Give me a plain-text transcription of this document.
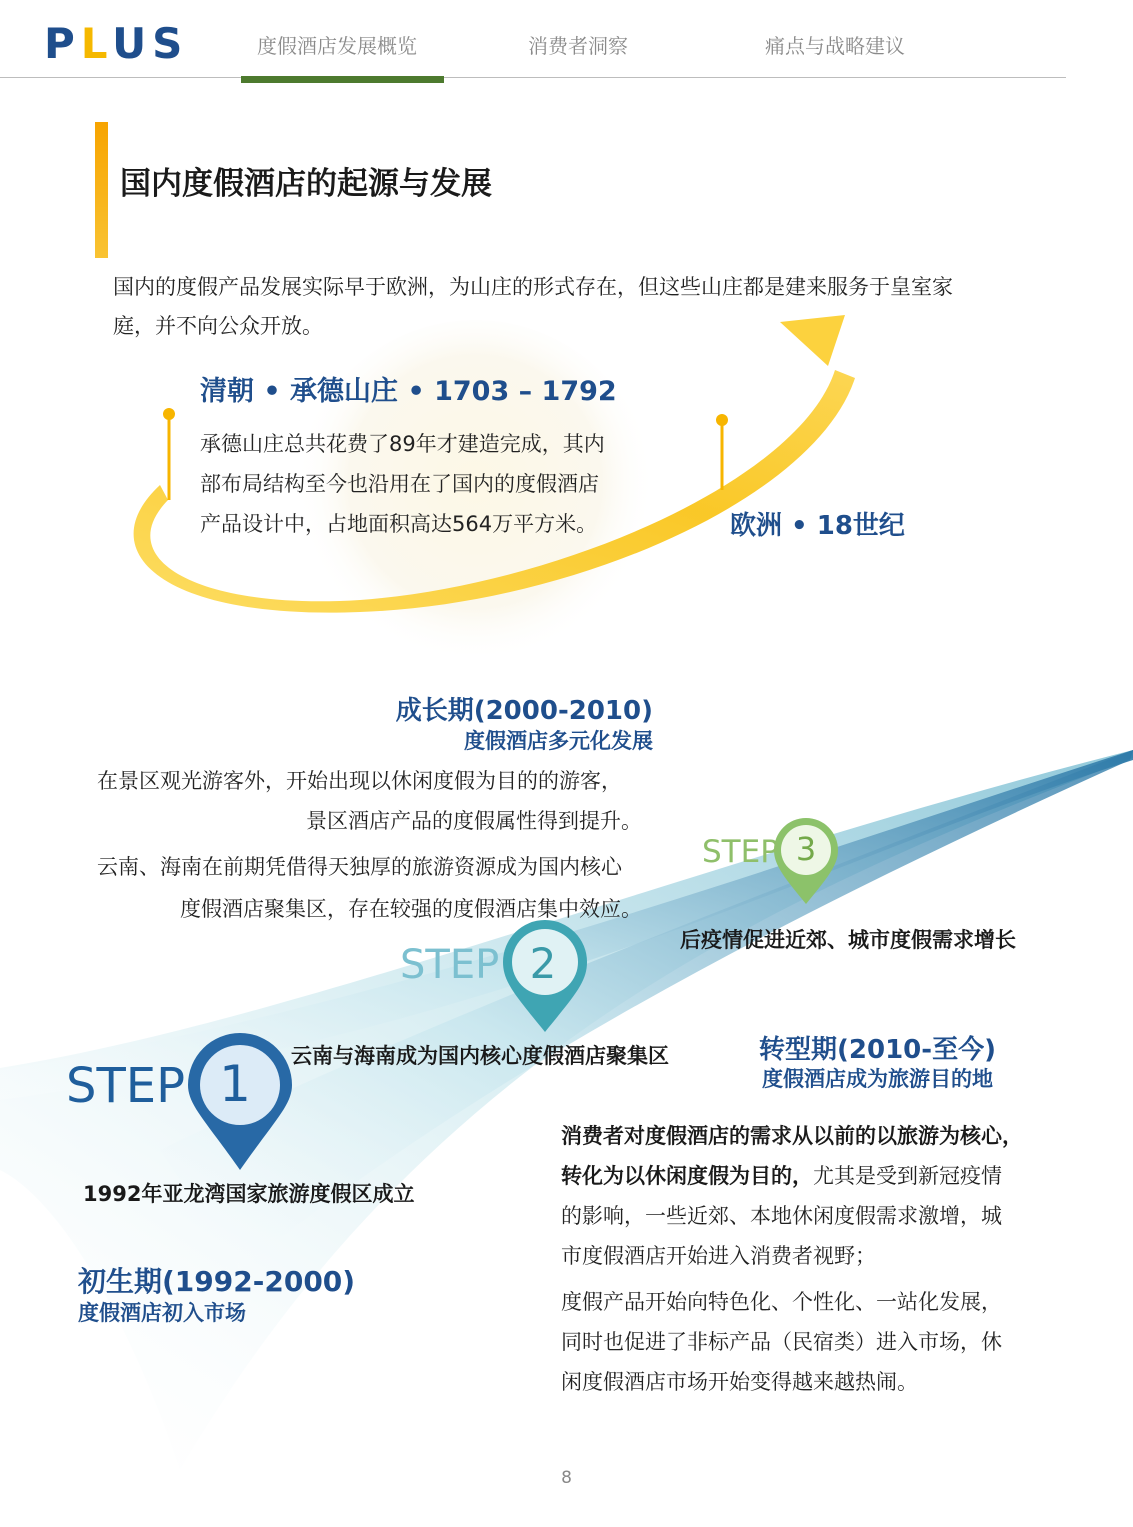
PLUS	度假酒店发展概览	消费者洞察	痛点与战略建议
国内度假酒店的起源与发展
国内的度假产品发展实际早于欧洲，为山庄的形式存在，但这些山庄都是建来服务于皇室家
庭，并不向公众开放。
清朝 • 承德山庄 • 1703 – 1792
承德山庄总共花费了89年才建造完成，其内
部布局结构至今也沿用在了国内的度假酒店
产品设计中，占地面积高达564万平方米。	欧洲 • 18世纪
成长期(2000-2010)
度假酒店多元化发展
在景区观光游客外，开始出现以休闲度假为目的的游客，
景区酒店产品的度假属性得到提升。
云南、海南在前期凭借得天独厚的旅游资源成为国内核心
度假酒店聚集区，存在较强的度假酒店集中效应。
STEP 1
STEP 2
STEP 3
1992年亚龙湾国家旅游度假区成立
云南与海南成为国内核心度假酒店聚集区
后疫情促进近郊、城市度假需求增长
初生期(1992-2000)
度假酒店初入市场
转型期(2010-至今)
度假酒店成为旅游目的地
消费者对度假酒店的需求从以前的以旅游为核心，
转化为以休闲度假为目的，尤其是受到新冠疫情
的影响，一些近郊、本地休闲度假需求激增，城
市度假酒店开始进入消费者视野；
度假产品开始向特色化、个性化、一站化发展，
同时也促进了非标产品（民宿类）进入市场，休
闲度假酒店市场开始变得越来越热闹。
8
